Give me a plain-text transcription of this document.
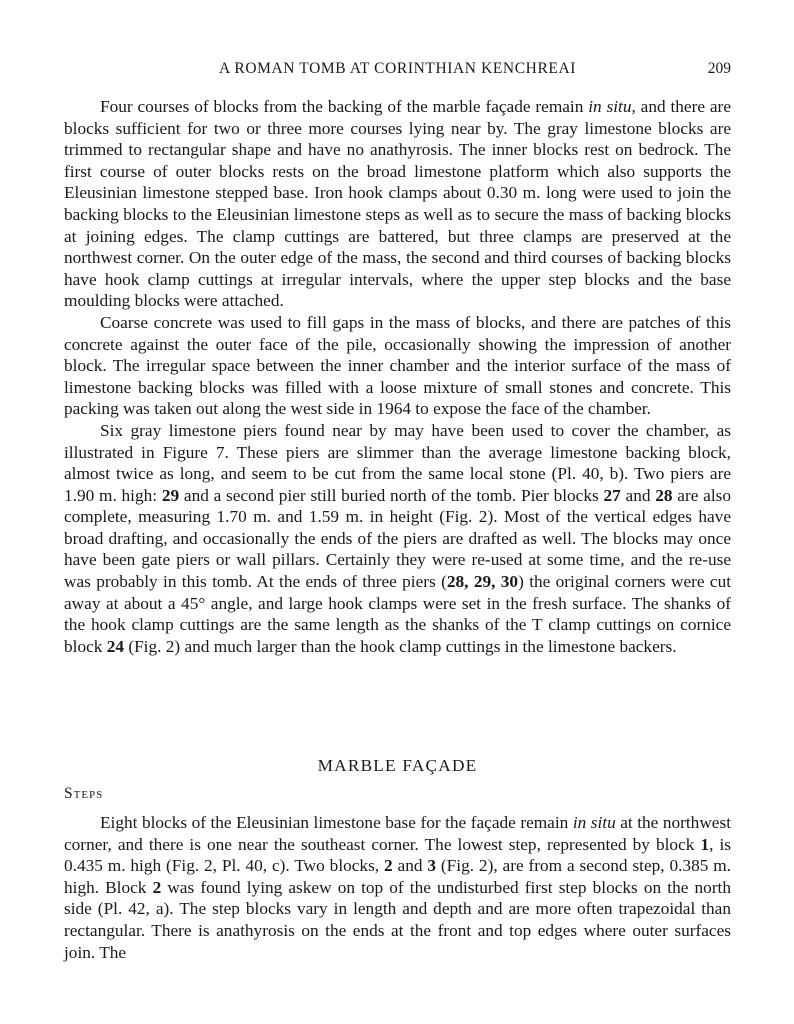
A ROMAN TOMB AT CORINTHIAN KENCHREAI	209

Four courses of blocks from the backing of the marble façade remain in situ, and there are blocks sufficient for two or three more courses lying near by. The gray limestone blocks are trimmed to rectangular shape and have no anathyrosis. The inner blocks rest on bedrock. The first course of outer blocks rests on the broad limestone platform which also supports the Eleusinian limestone stepped base. Iron hook clamps about 0.30 m. long were used to join the backing blocks to the Eleusinian limestone steps as well as to secure the mass of backing blocks at joining edges. The clamp cuttings are battered, but three clamps are preserved at the northwest corner. On the outer edge of the mass, the second and third courses of backing blocks have hook clamp cuttings at irregular intervals, where the upper step blocks and the base moulding blocks were attached.

Coarse concrete was used to fill gaps in the mass of blocks, and there are patches of this concrete against the outer face of the pile, occasionally showing the impression of another block. The irregular space between the inner chamber and the interior surface of the mass of limestone backing blocks was filled with a loose mixture of small stones and concrete. This packing was taken out along the west side in 1964 to expose the face of the chamber.

Six gray limestone piers found near by may have been used to cover the chamber, as illustrated in Figure 7. These piers are slimmer than the average limestone backing block, almost twice as long, and seem to be cut from the same local stone (Pl. 40, b). Two piers are 1.90 m. high: 29 and a second pier still buried north of the tomb. Pier blocks 27 and 28 are also complete, measuring 1.70 m. and 1.59 m. in height (Fig. 2). Most of the vertical edges have broad drafting, and occasionally the ends of the piers are drafted as well. The blocks may once have been gate piers or wall pillars. Certainly they were re-used at some time, and the re-use was probably in this tomb. At the ends of three piers (28, 29, 30) the original corners were cut away at about a 45° angle, and large hook clamps were set in the fresh surface. The shanks of the hook clamp cuttings are the same length as the shanks of the T clamp cuttings on cornice block 24 (Fig. 2) and much larger than the hook clamp cuttings in the limestone backers.

MARBLE FAÇADE
Steps

Eight blocks of the Eleusinian limestone base for the façade remain in situ at the northwest corner, and there is one near the southeast corner. The lowest step, represented by block 1, is 0.435 m. high (Fig. 2, Pl. 40, c). Two blocks, 2 and 3 (Fig. 2), are from a second step, 0.385 m. high. Block 2 was found lying askew on top of the undisturbed first step blocks on the north side (Pl. 42, a). The step blocks vary in length and depth and are more often trapezoidal than rectangular. There is anathyrosis on the ends at the front and top edges where outer surfaces join. The
